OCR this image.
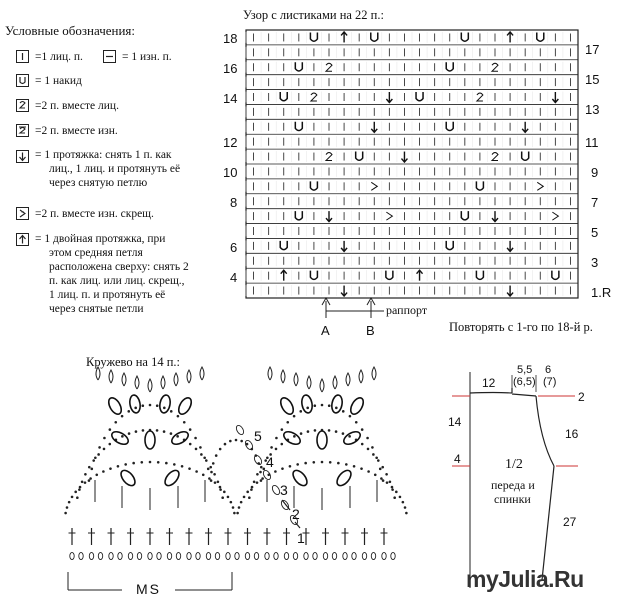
Условные обозначения:
=1 лиц. п.	= 1 изн. п.
= 1 накид
=2 п. вместе лиц.
=2 п. вместе изн.
= 1 протяжка: снять 1 п. как
лиц., 1 лиц. и протянуть её
через снятую петлю
=2 п. вместе изн. скрещ.
= 1 двойная протяжка, при
этом средняя петля
расположена сверху: снять 2
п. как лиц. или лиц. скрещ.,
1 лиц. п. и протянуть её
через снятые петли
Узор с листиками на 22 п.:
18
16
14
12
10
8
6
4
17
15
13
11
9
7
5
3
1.R
A	B
раппорт
Повторять с 1-го по 18-й р.
Кружево на 14 п.:
5
4
3
2
1
MS
12
5,5
(6,5)
6
(7)
2
16
27
14
4	1/2
переда и
спинки
myJulia.Ru
